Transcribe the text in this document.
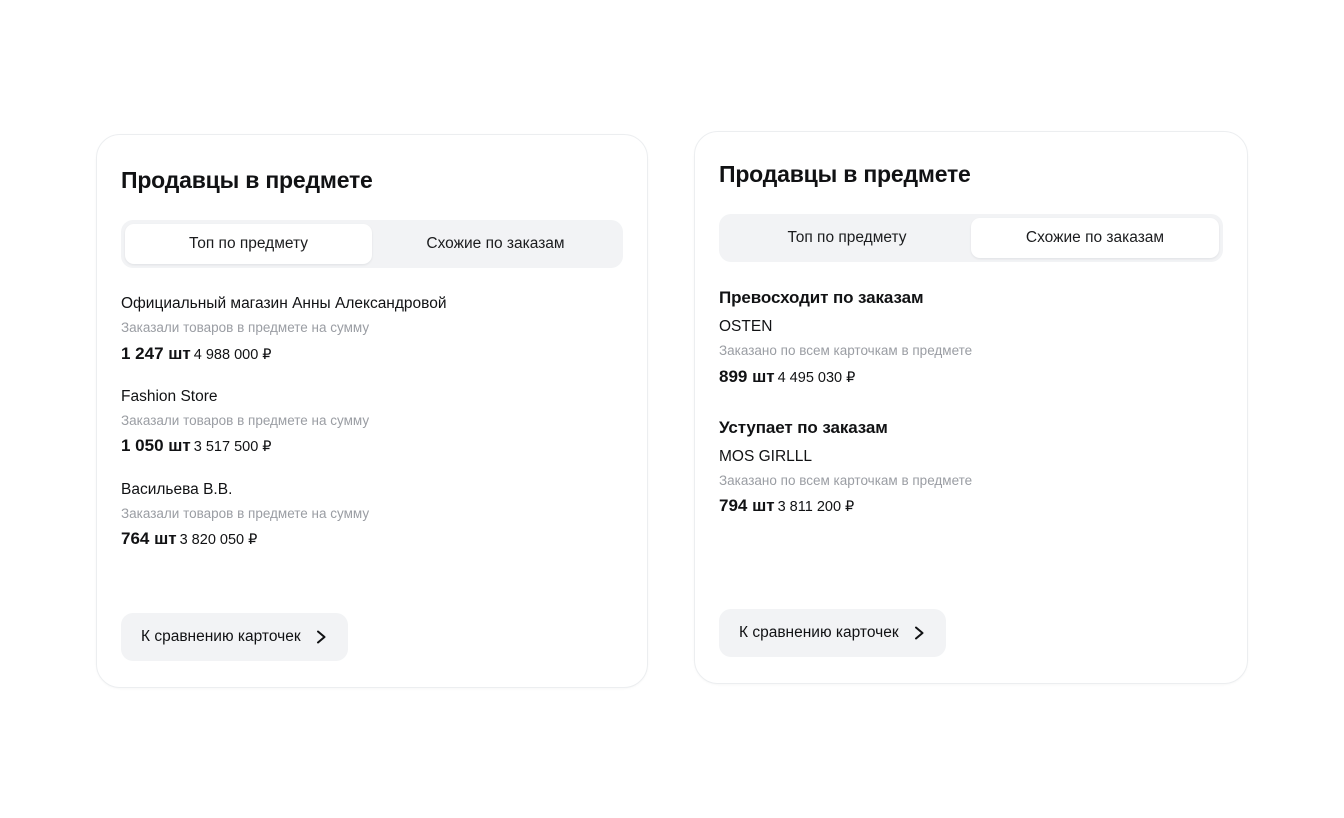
Продавцы в предмете
Топ по предмету	Схожие по заказам
Официальный магазин Анны Александровой
Заказали товаров в предмете на сумму
1 247 шт 4 988 000 ₽
Fashion Store
Заказали товаров в предмете на сумму
1 050 шт 3 517 500 ₽
Васильева В.В.
Заказали товаров в предмете на сумму
764 шт 3 820 050 ₽
К сравнению карточек
Продавцы в предмете
Топ по предмету	Схожие по заказам
Превосходит по заказам
OSTEN
Заказано по всем карточкам в предмете
899 шт 4 495 030 ₽
Уступает по заказам
MOS GIRLLL
Заказано по всем карточкам в предмете
794 шт 3 811 200 ₽
К сравнению карточек
